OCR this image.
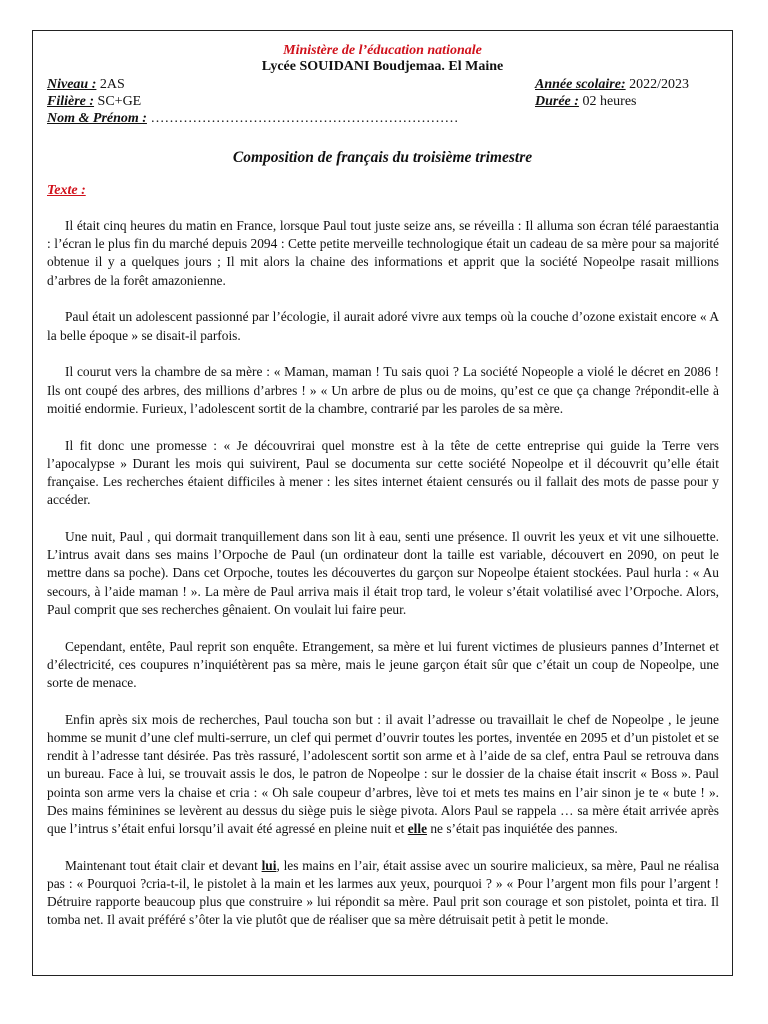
Ministère de l’éducation nationale
Lycée SOUIDANI Boudjemaa. El Maine
Niveau : 2AS	Année scolaire: 2022/2023
Filière : SC+GE	Durée : 02 heures
Nom & Prénom : …………………………………………………………
Composition de français du troisième trimestre
Texte :

Il était cinq heures du matin en France, lorsque Paul tout juste seize ans, se réveilla : Il alluma son écran télé paraestantia : l’écran le plus fin du marché depuis 2094 : Cette petite merveille technologique était un cadeau de sa mère pour sa majorité obtenue il y a quelques jours ; Il mit alors la chaine des informations et apprit que la société Nopeolpe rasait millions d’arbres de la forêt amazonienne.

Paul était un adolescent passionné par l’écologie, il aurait adoré vivre aux temps où la couche d’ozone existait encore « A la belle époque » se disait-il parfois.

Il courut vers la chambre de sa mère : « Maman, maman ! Tu sais quoi ? La société Nopeople a violé le décret en 2086 ! Ils ont coupé des arbres, des millions d’arbres ! » « Un arbre de plus ou de moins, qu’est ce que ça change ?répondit-elle à moitié endormie. Furieux, l’adolescent sortit de la chambre, contrarié par les paroles de sa mère.

Il fit donc une promesse : « Je découvrirai quel monstre est à la tête de cette entreprise qui guide la Terre vers l’apocalypse » Durant les mois qui suivirent, Paul se documenta sur cette société Nopeolpe et il découvrit qu’elle était française. Les recherches étaient difficiles à mener : les sites internet étaient censurés ou il fallait des mots de passe pour y accéder.

Une nuit, Paul , qui dormait tranquillement dans son lit à eau, senti une présence. Il ouvrit les yeux et vit une silhouette. L’intrus avait dans ses mains l’Orpoche de Paul (un ordinateur dont la taille est variable, découvert en 2090, on peut le mettre dans sa poche). Dans cet Orpoche, toutes les découvertes du garçon sur Nopeolpe étaient stockées. Paul hurla : « Au secours, à l’aide maman ! ». La mère de Paul arriva mais il était trop tard, le voleur s’était volatilisé avec l’Orpoche. Alors, Paul comprit que ses recherches gênaient. On voulait lui faire peur.

Cependant, entête, Paul reprit son enquête. Etrangement, sa mère et lui furent victimes de plusieurs pannes d’Internet et d’électricité, ces coupures n’inquiétèrent pas sa mère, mais le jeune garçon était sûr que c’était un coup de Nopeolpe, une sorte de menace.

Enfin après six mois de recherches, Paul toucha son but : il avait l’adresse ou travaillait le chef de Nopeolpe , le jeune homme se munit d’une clef multi-serrure, un clef qui permet d’ouvrir toutes les portes, inventée en 2095 et d’un pistolet et se rendit à l’adresse tant désirée. Pas très rassuré, l’adolescent sortit son arme et à l’aide de sa clef, entra Paul se retrouva dans un bureau. Face à lui, se trouvait assis le dos, le patron de Nopeolpe : sur le dossier de la chaise était inscrit « Boss ». Paul pointa son arme vers la chaise et cria : « Oh sale coupeur d’arbres, lève toi et mets tes mains en l’air sinon je te « bute ! ». Des mains féminines se levèrent au dessus du siège puis le siège pivota. Alors Paul se rappela … sa mère était arrivée après que l’intrus s’était enfui lorsqu’il avait été agressé en pleine nuit et elle ne s’était pas inquiétée des pannes.

Maintenant tout était clair et devant lui, les mains en l’air, était assise avec un sourire malicieux, sa mère, Paul ne réalisa pas : « Pourquoi ?cria-t-il, le pistolet à la main et les larmes aux yeux, pourquoi ? » « Pour l’argent mon fils pour l’argent ! Détruire rapporte beaucoup plus que construire » lui répondit sa mère. Paul prit son courage et son pistolet, pointa et tira. Il tomba net. Il avait préféré s’ôter la vie plutôt que de réaliser que sa mère détruisait petit à petit le monde.
